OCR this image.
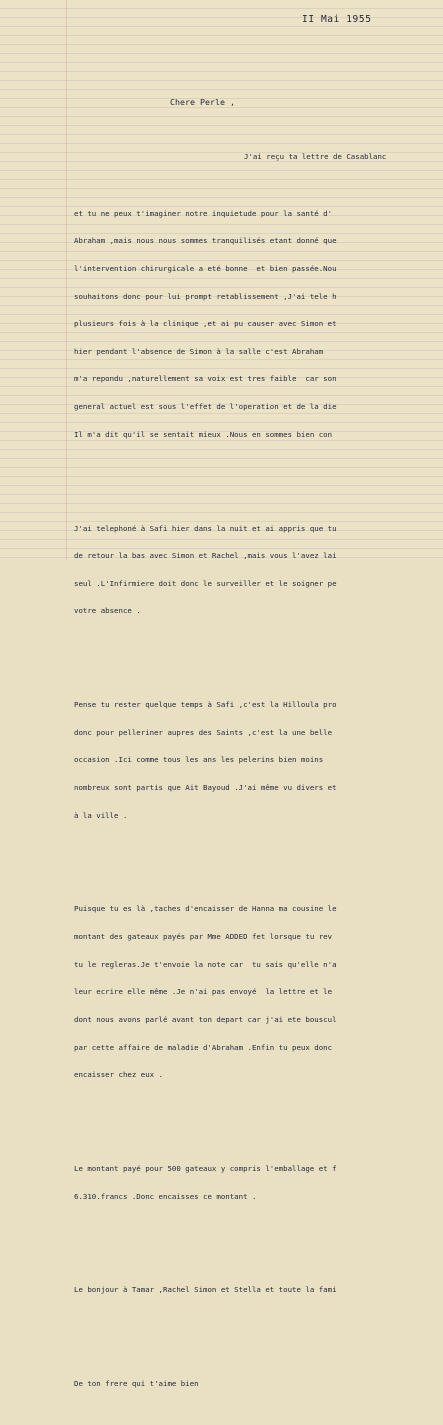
II Mai 1955
Chere Perle ,

J'ai reçu ta lettre de Casablanc

et tu ne peux t'imaginer notre inquietude pour la santé d'

Abraham ,mais nous nous sommes tranquilisés etant donné que

l'intervention chirurgicale a eté bonne  et bien passée.Nou

souhaitons donc pour lui prompt retablissement ,J'ai tele h

plusieurs fois à la clinique ,et ai pu causer avec Simon et

hier pendant l'absence de Simon à la salle c'est Abraham

m'a repondu ,naturellement sa voix est tres faible  car son

general actuel est sous l'effet de l'operation et de la die

Il m'a dit qu'il se sentait mieux .Nous en sommes bien con

J'ai telephoné à Safi hier dans la nuit et ai appris que tu

de retour la bas avec Simon et Rachel ,mais vous l'avez lai

seul .L'Infirmiere doit donc le surveiller et le soigner pe

votre absence .

Pense tu rester quelque temps à Safi ,c'est la Hilloula pro

donc pour pelleriner aupres des Saints ,c'est la une belle

occasion .Ici comme tous les ans les pelerins bien moins

nombreux sont partis que Ait Bayoud .J'ai même vu divers et

à la ville .

Puisque tu es là ,taches d'encaisser de Hanna ma cousine le

montant des gateaux payés par Mme ADDED fet lorsque tu rev

tu le regleras.Je t'envoie la note car  tu sais qu'elle n'a

leur ecrire elle même .Je n'ai pas envoyé  la lettre et le

dont nous avons parlé avant ton depart car j'ai ete bouscul

par cette affaire de maladie d'Abraham .Enfin tu peux donc

encaisser chez eux .

Le montant payé pour 500 gateaux y compris l'emballage et f

6.310.francs .Donc encaisses ce montant .

Le bonjour à Tamar ,Rachel Simon et Stella et toute la fami

De ton frere qui t'aime bien
